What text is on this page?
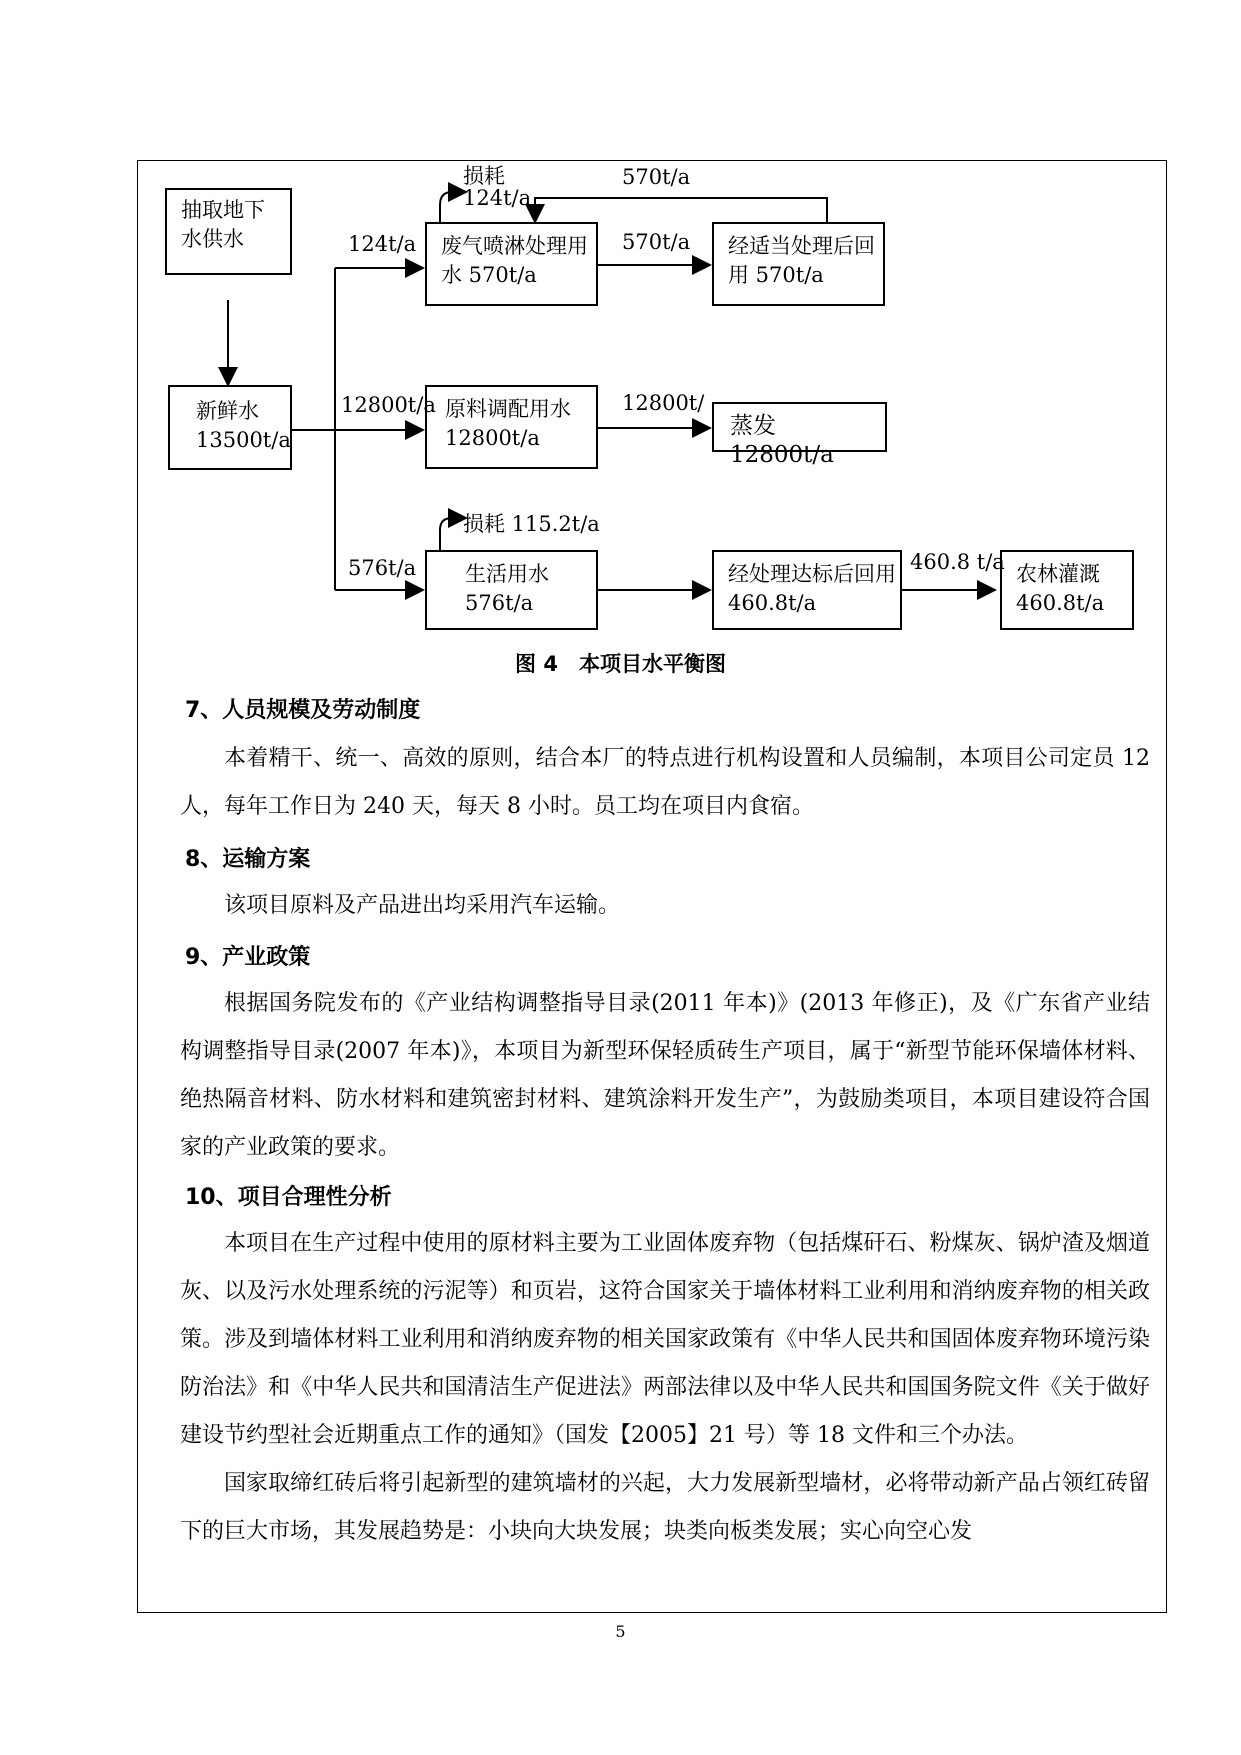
抽取地下水供水
新鲜水 13500t/a
废气喷淋处理用水 570t/a
经适当处理后回用 570t/a
原料调配用水 12800t/a	蒸发 12800t/a
生活用水 576t/a
经处理达标后回用 460.8t/a
农林灌溉 460.8t/a
损耗
124t/a
570t/a
124t/a	570t/a
12800t/a	12800t/
损耗 115.2t/a
576t/a	460.8 t/a
图 4　本项目水平衡图
7、人员规模及劳动制度

本着精干、统一、高效的原则，结合本厂的特点进行机构设置和人员编制，本项目公司定员 12 人，每年工作日为 240 天，每天 8 小时。员工均在项目内食宿。

8、运输方案

该项目原料及产品进出均采用汽车运输。

9、产业政策

根据国务院发布的《产业结构调整指导目录(2011 年本)》(2013 年修正)，及《广东省产业结构调整指导目录(2007 年本)》，本项目为新型环保轻质砖生产项目，属于“新型节能环保墙体材料、绝热隔音材料、防水材料和建筑密封材料、建筑涂料开发生产”，为鼓励类项目，本项目建设符合国家的产业政策的要求。

10、项目合理性分析

本项目在生产过程中使用的原材料主要为工业固体废弃物（包括煤矸石、粉煤灰、锅炉渣及烟道灰、以及污水处理系统的污泥等）和页岩，这符合国家关于墙体材料工业利用和消纳废弃物的相关政策。涉及到墙体材料工业利用和消纳废弃物的相关国家政策有《中华人民共和国固体废弃物环境污染防治法》和《中华人民共和国清洁生产促进法》两部法律以及中华人民共和国国务院文件《关于做好建设节约型社会近期重点工作的通知》（国发【2005】21 号）等 18 文件和三个办法。

国家取缔红砖后将引起新型的建筑墙材的兴起，大力发展新型墙材，必将带动新产品占领红砖留下的巨大市场，其发展趋势是：小块向大块发展；块类向板类发展；实心向空心发

5
